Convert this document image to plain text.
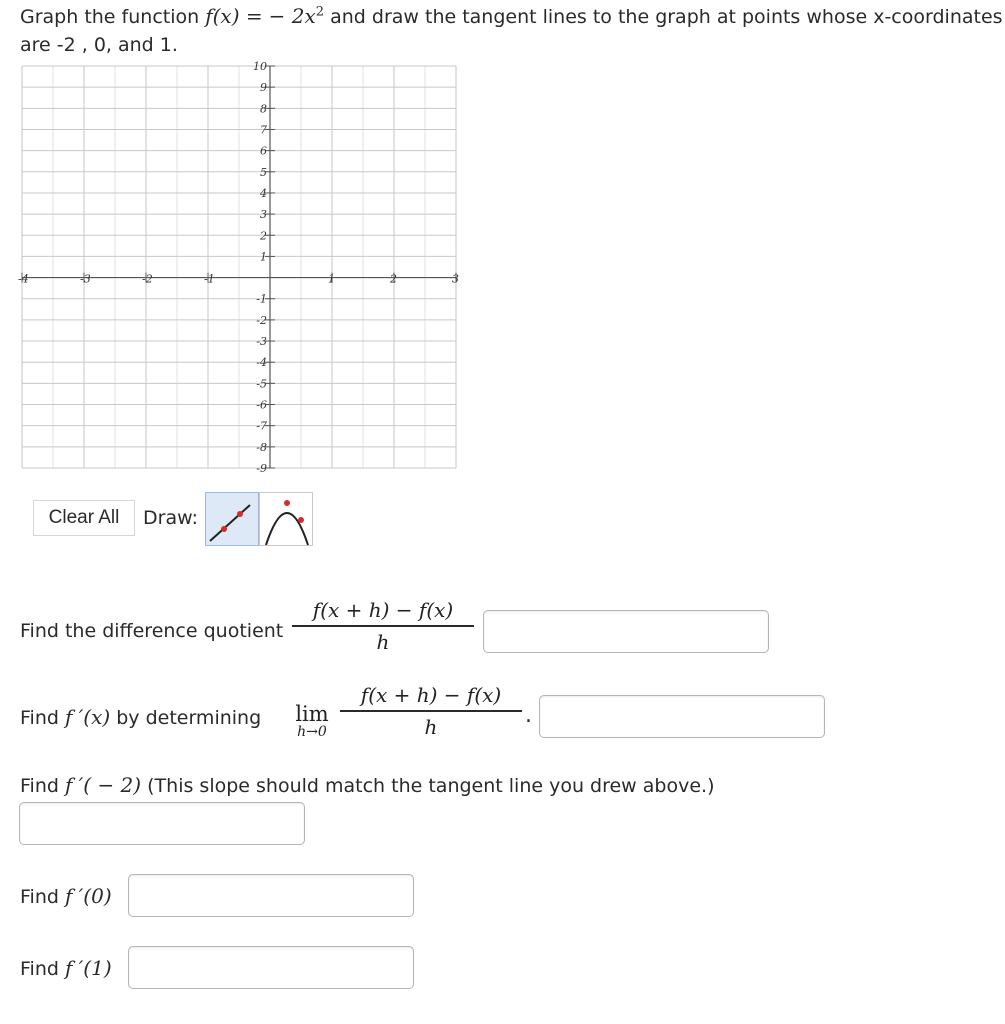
Graph the function f(x) = − $2x^2$ and draw the tangent lines to the graph at points whose x-coordinates
are -2 , 0, and 1.
-4	-3	-2	-1	1	2	3
10
9
8
7
6
5
4
3
2
1
-1
-2
-3
-4
-5
-6
-7
-8
-9
Clear All	Draw:
Find the difference quotient
f(x + h) − f(x)
h
Find f ′(x) by determining	lim
h→0
f(x + h) − f(x)
h	.
Find f ′( − 2) (This slope should match the tangent line you drew above.)
Find f ′(0)
Find f ′(1)
